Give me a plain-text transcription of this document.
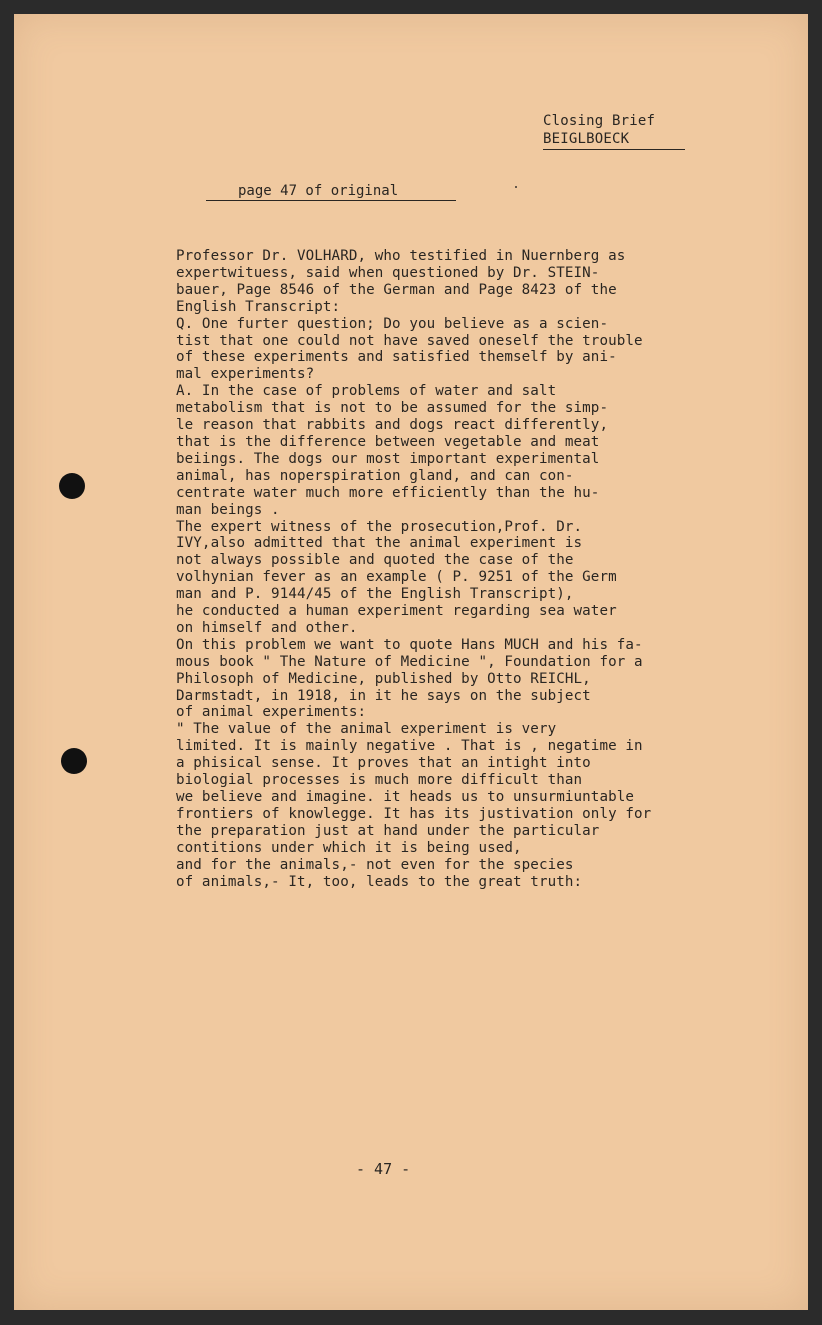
Closing Brief
BEIGLBOECK
page 47 of original
Professor Dr. VOLHARD, who testified in Nuernberg as
expertwituess, said when questioned by Dr. STEIN-
bauer, Page 8546 of the German and Page 8423 of the
English Transcript:
Q. One furter question; Do you believe as a scien-
tist that one could not have saved oneself the trouble
of these experiments and satisfied themself by ani-
mal experiments?
A. In the case of problems of water and salt
metabolism that is not to be assumed for the simp-
le reason that rabbits and dogs react differently,
that is the difference between vegetable and meat
beiings. The dogs our most important experimental
animal, has noperspiration gland, and can con-
centrate water much more efficiently than the hu-
man beings .
The expert witness of the prosecution,Prof. Dr.
IVY,also admitted that the animal experiment is
not always possible and quoted the case of the
volhynian fever as an example ( P. 9251 of the Germ
man and P. 9144/45 of the English Transcript),
he conducted a human experiment regarding sea water
on himself and other.
On this problem we want to quote Hans MUCH and his fa-
mous book " The Nature of Medicine ", Foundation for a
Philosoph of Medicine, published by Otto REICHL,
Darmstadt, in 1918, in it he says on the subject
of animal experiments:
" The value of the animal experiment is very
limited. It is mainly negative . That is , negatime in
a phisical sense. It proves that an intight into
biologial processes is much more difficult than
we believe and imagine. it heads us to unsurmiuntable
frontiers of knowlegge. It has its justivation only for
the preparation just at hand under the particular
contitions under which it is being used,
and for the animals,- not even for the species
of animals,- It, too, leads to the great truth:
- 47 -
